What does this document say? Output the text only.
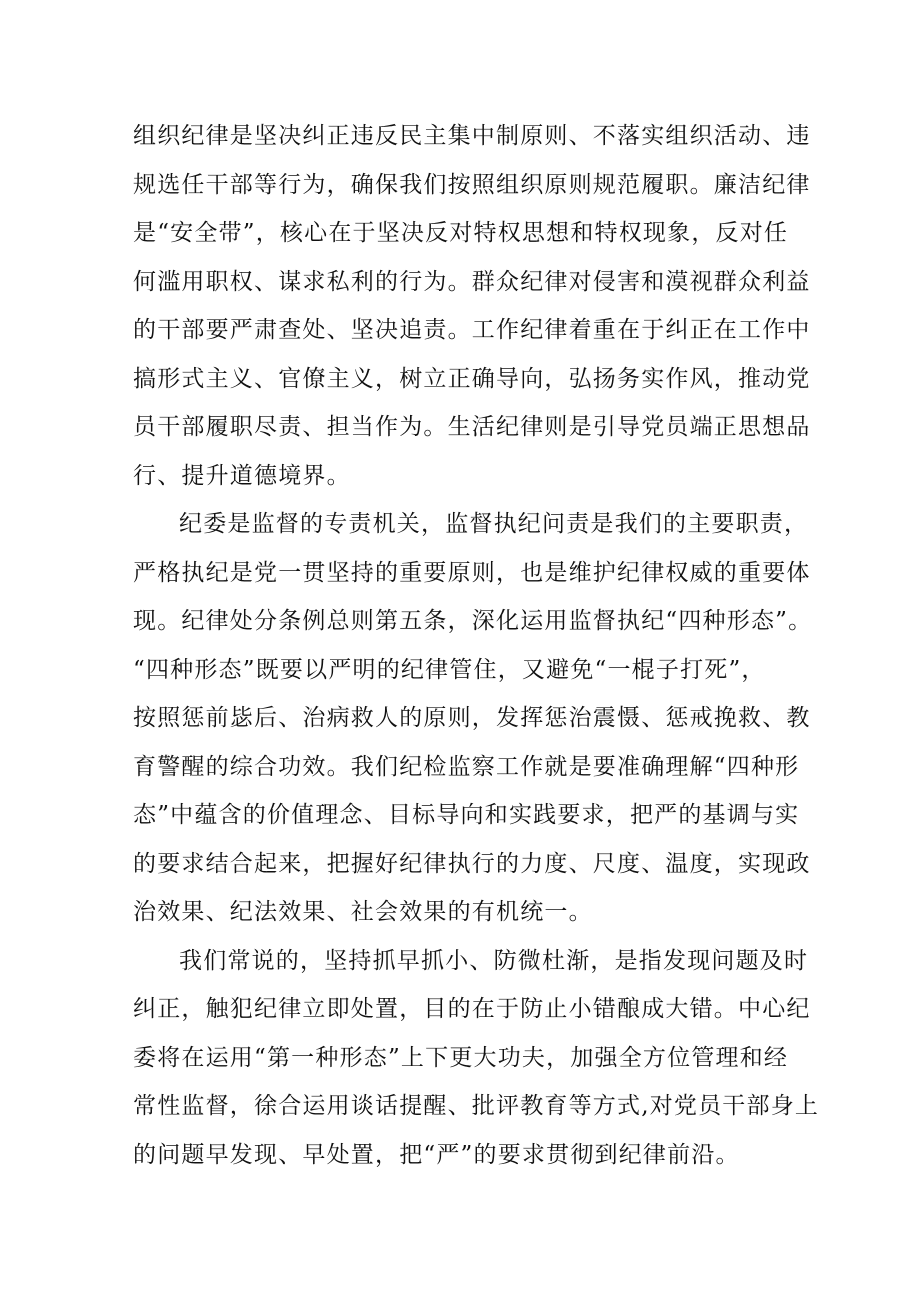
组织纪律是坚决纠正违反民主集中制原则、不落实组织活动、违
规选任干部等行为，确保我们按照组织原则规范履职。廉洁纪律
是“安全带”，核心在于坚决反对特权思想和特权现象，反对任
何滥用职权、谋求私利的行为。群众纪律对侵害和漠视群众利益
的干部要严肃查处、坚决追责。工作纪律着重在于纠正在工作中
搞形式主义、官僚主义，树立正确导向，弘扬务实作风，推动党
员干部履职尽责、担当作为。生活纪律则是引导党员端正思想品
行、提升道德境界。
纪委是监督的专责机关，监督执纪问责是我们的主要职责，
严格执纪是党一贯坚持的重要原则，也是维护纪律权威的重要体
现。纪律处分条例总则第五条，深化运用监督执纪“四种形态”。
“四种形态”既要以严明的纪律管住，又避免“一棍子打死”，
按照惩前毖后、治病救人的原则，发挥惩治震慑、惩戒挽救、教
育警醒的综合功效。我们纪检监察工作就是要准确理解“四种形
态”中蕴含的价值理念、目标导向和实践要求，把严的基调与实
的要求结合起来，把握好纪律执行的力度、尺度、温度，实现政
治效果、纪法效果、社会效果的有机统一。
我们常说的，坚持抓早抓小、防微杜渐，是指发现问题及时
纠正，触犯纪律立即处置，目的在于防止小错酿成大错。中心纪
委将在运用“第一种形态”上下更大功夫，加强全方位管理和经
常性监督，徐合运用谈话提醒、批评教育等方式,对党员干部身上
的问题早发现、早处置，把“严”的要求贯彻到纪律前沿。
